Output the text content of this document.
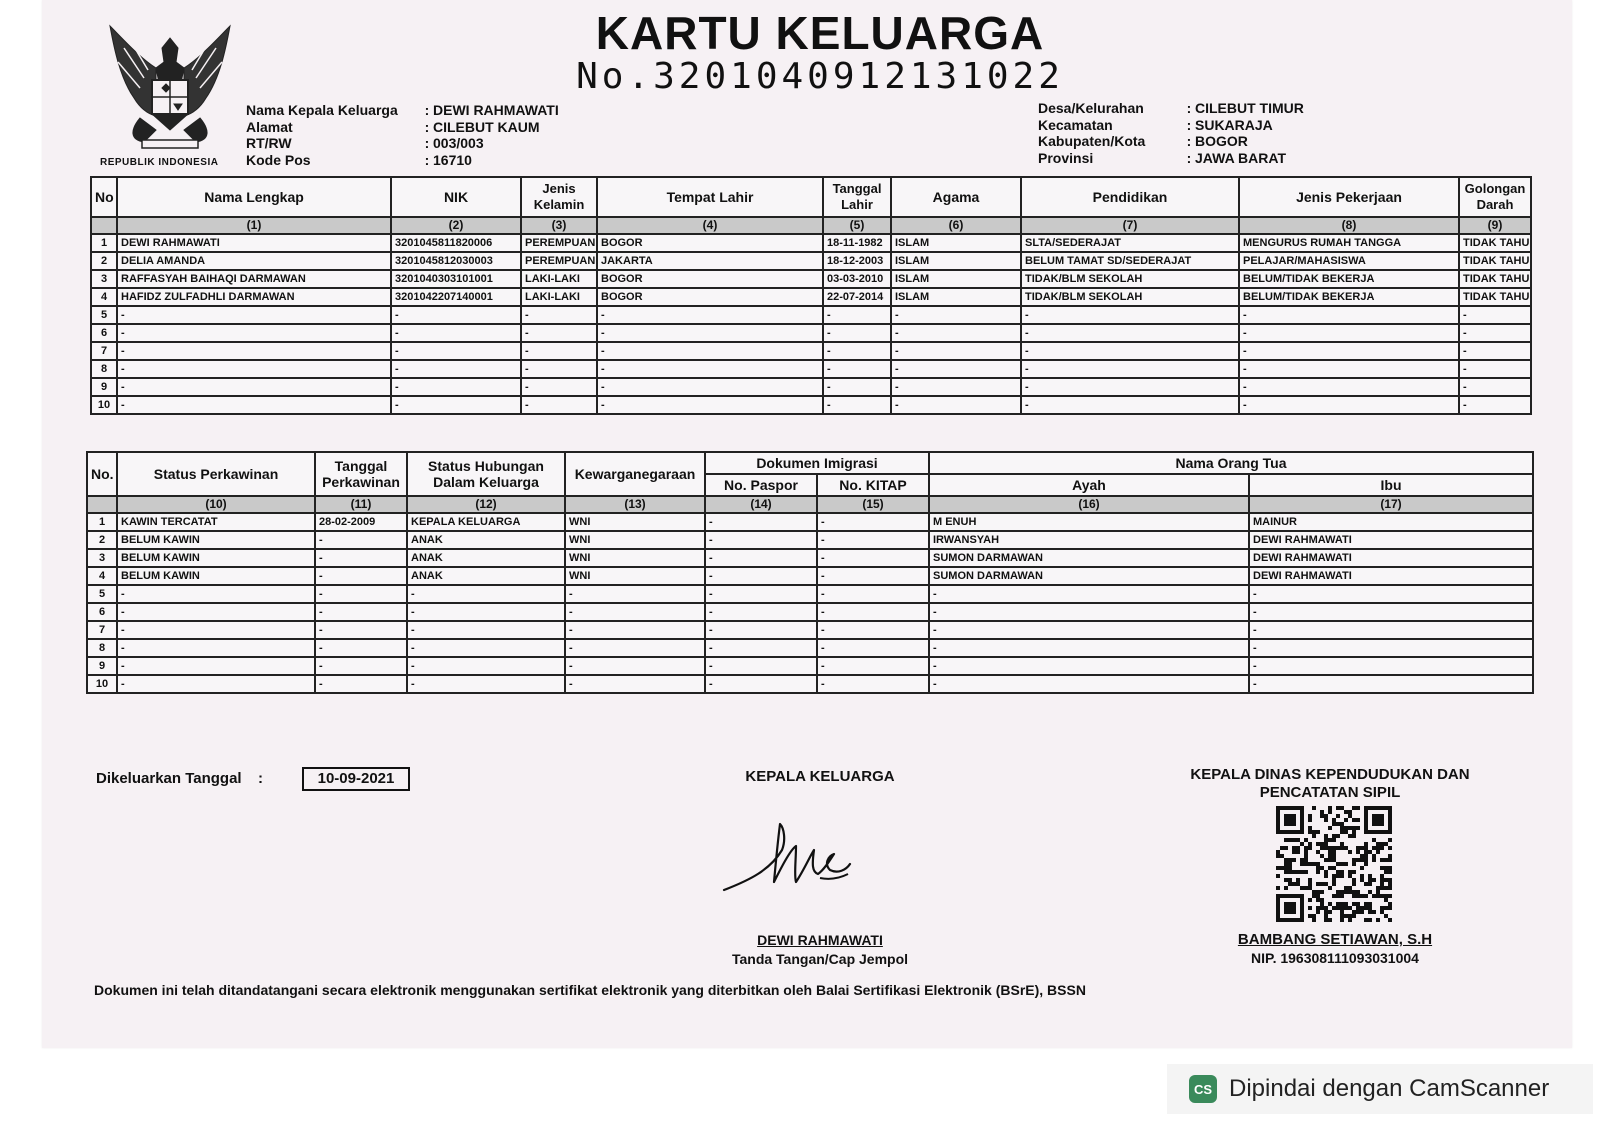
REPUBLIK INDONESIA
KARTU KELUARGA
No.3201040912131022
Nama Kepala Keluarga	: DEWI RAHMAWATI
Alamat	: CILEBUT KAUM
RT/RW	: 003/003
Kode Pos	: 16710
Desa/Kelurahan	: CILEBUT TIMUR
Kecamatan	: SUKARAJA
Kabupaten/Kota	: BOGOR
Provinsi	: JAWA BARAT
No	Nama Lengkap	NIK	Jenis Kelamin	Tempat Lahir	Tanggal Lahir	Agama	Pendidikan	Jenis Pekerjaan	Golongan Darah
	(1)	(2)	(3)	(4)	(5)	(6)	(7)	(8)	(9)
1	DEWI RAHMAWATI	3201045811820006	PEREMPUAN	BOGOR	18-11-1982	ISLAM	SLTA/SEDERAJAT	MENGURUS RUMAH TANGGA	TIDAK TAHU
2	DELIA AMANDA	3201045812030003	PEREMPUAN	JAKARTA	18-12-2003	ISLAM	BELUM TAMAT SD/SEDERAJAT	PELAJAR/MAHASISWA	TIDAK TAHU
3	RAFFASYAH BAIHAQI DARMAWAN	3201040303101001	LAKI-LAKI	BOGOR	03-03-2010	ISLAM	TIDAK/BLM SEKOLAH	BELUM/TIDAK BEKERJA	TIDAK TAHU
4	HAFIDZ ZULFADHLI DARMAWAN	3201042207140001	LAKI-LAKI	BOGOR	22-07-2014	ISLAM	TIDAK/BLM SEKOLAH	BELUM/TIDAK BEKERJA	TIDAK TAHU
5	-	-	-	-	-	-	-	-	-
6	-	-	-	-	-	-	-	-	-
7	-	-	-	-	-	-	-	-	-
8	-	-	-	-	-	-	-	-	-
9	-	-	-	-	-	-	-	-	-
10	-	-	-	-	-	-	-	-	-
No.	Status Perkawinan	Tanggal Perkawinan	Status Hubungan Dalam Keluarga	Kewarganegaraan	Dokumen Imigrasi		Nama Orang Tua	
					No. Paspor	No. KITAP	Ayah	Ibu
	(10)	(11)	(12)	(13)	(14)	(15)	(16)	(17)
1	KAWIN TERCATAT	28-02-2009	KEPALA KELUARGA	WNI	-	-	M ENUH	MAINUR
2	BELUM KAWIN	-	ANAK	WNI	-	-	IRWANSYAH	DEWI RAHMAWATI
3	BELUM KAWIN	-	ANAK	WNI	-	-	SUMON DARMAWAN	DEWI RAHMAWATI
4	BELUM KAWIN	-	ANAK	WNI	-	-	SUMON DARMAWAN	DEWI RAHMAWATI
5	-	-	-	-	-	-	-	-
6	-	-	-	-	-	-	-	-
7	-	-	-	-	-	-	-	-
8	-	-	-	-	-	-	-	-
9	-	-	-	-	-	-	-	-
10	-	-	-	-	-	-	-	-
Dikeluarkan Tanggal :	10-09-2021	KEPALA KELUARGA
DEWI RAHMAWATI
Tanda Tangan/Cap Jempol
KEPALA DINAS KEPENDUDUKAN DAN
PENCATATAN SIPIL
BAMBANG SETIAWAN, S.H
NIP. 196308111093031004
Dokumen ini telah ditandatangani secara elektronik menggunakan sertifikat elektronik yang diterbitkan oleh Balai Sertifikasi Elektronik (BSrE), BSSN
CS Dipindai dengan CamScanner
